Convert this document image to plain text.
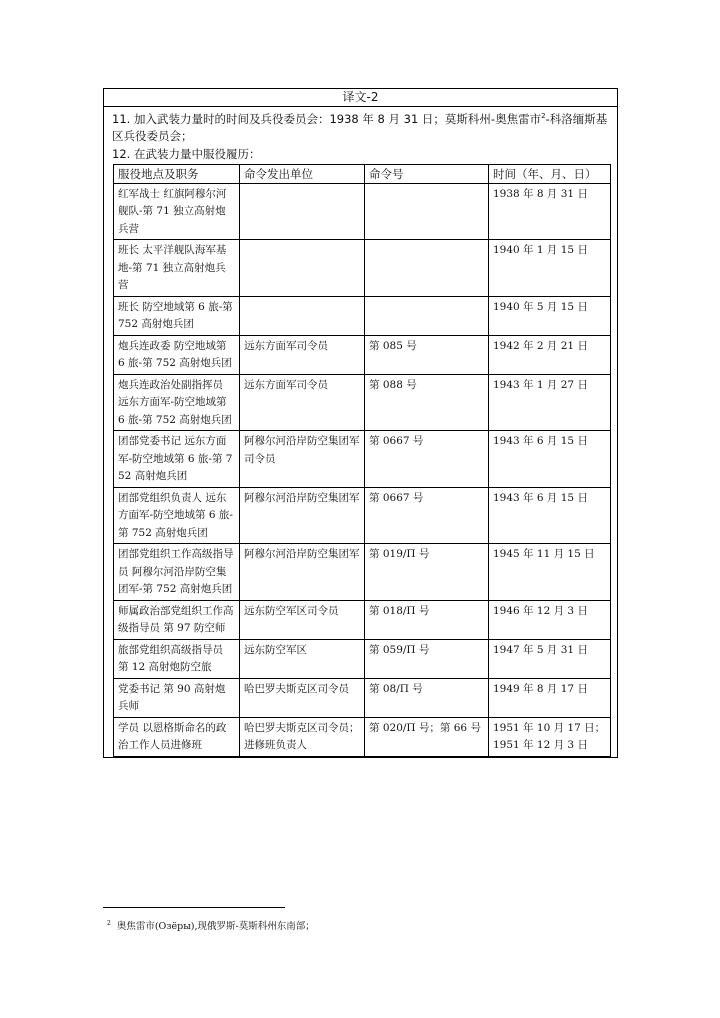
译文-2
11. 加入武装力量时的时间及兵役委员会：1938 年 8 月 31 日；莫斯科州-奥焦雷市$^2$-科洛缅斯基区兵役委员会；
12. 在武装力量中服役履历：
服役地点及职务	命令发出单位	命令号	时间（年、月、日）
红军战士 红旗阿穆尔河舰队-第 71 独立高射炮兵营			1938 年 8 月 31 日
班长 太平洋舰队海军基地-第 71 独立高射炮兵营			1940 年 1 月 15 日
班长 防空地域第 6 旅-第 752 高射炮兵团			1940 年 5 月 15 日
炮兵连政委 防空地域第 6 旅-第 752 高射炮兵团	远东方面军司令员	第 085 号	1942 年 2 月 21 日
炮兵连政治处副指挥员 远东方面军-防空地域第 6 旅-第 752 高射炮兵团	远东方面军司令员	第 088 号	1943 年 1 月 27 日
团部党委书记 远东方面军-防空地域第 6 旅-第 752 高射炮兵团	阿穆尔河沿岸防空集团军司令员	第 0667 号	1943 年 6 月 15 日
团部党组织负责人 远东方面军-防空地域第 6 旅-第 752 高射炮兵团	阿穆尔河沿岸防空集团军	第 0667 号	1943 年 6 月 15 日
团部党组织工作高级指导员 阿穆尔河沿岸防空集团军-第 752 高射炮兵团	阿穆尔河沿岸防空集团军	第 019/П 号	1945 年 11 月 15 日
师属政治部党组织工作高级指导员 第 97 防空师	远东防空军区司令员	第 018/П 号	1946 年 12 月 3 日
旅部党组织高级指导员 第 12 高射炮防空旅	远东防空军区	第 059/П 号	1947 年 5 月 31 日
党委书记 第 90 高射炮兵师	哈巴罗夫斯克区司令员	第 08/П 号	1949 年 8 月 17 日
学员 以恩格斯命名的政治工作人员进修班	哈巴罗夫斯克区司令员；进修班负责人	第 020/П 号；第 66 号	1951 年 10 月 17 日；1951 年 12 月 3 日
$^2$ 奥焦雷市(Озёры),现俄罗斯-莫斯科州东南部；
